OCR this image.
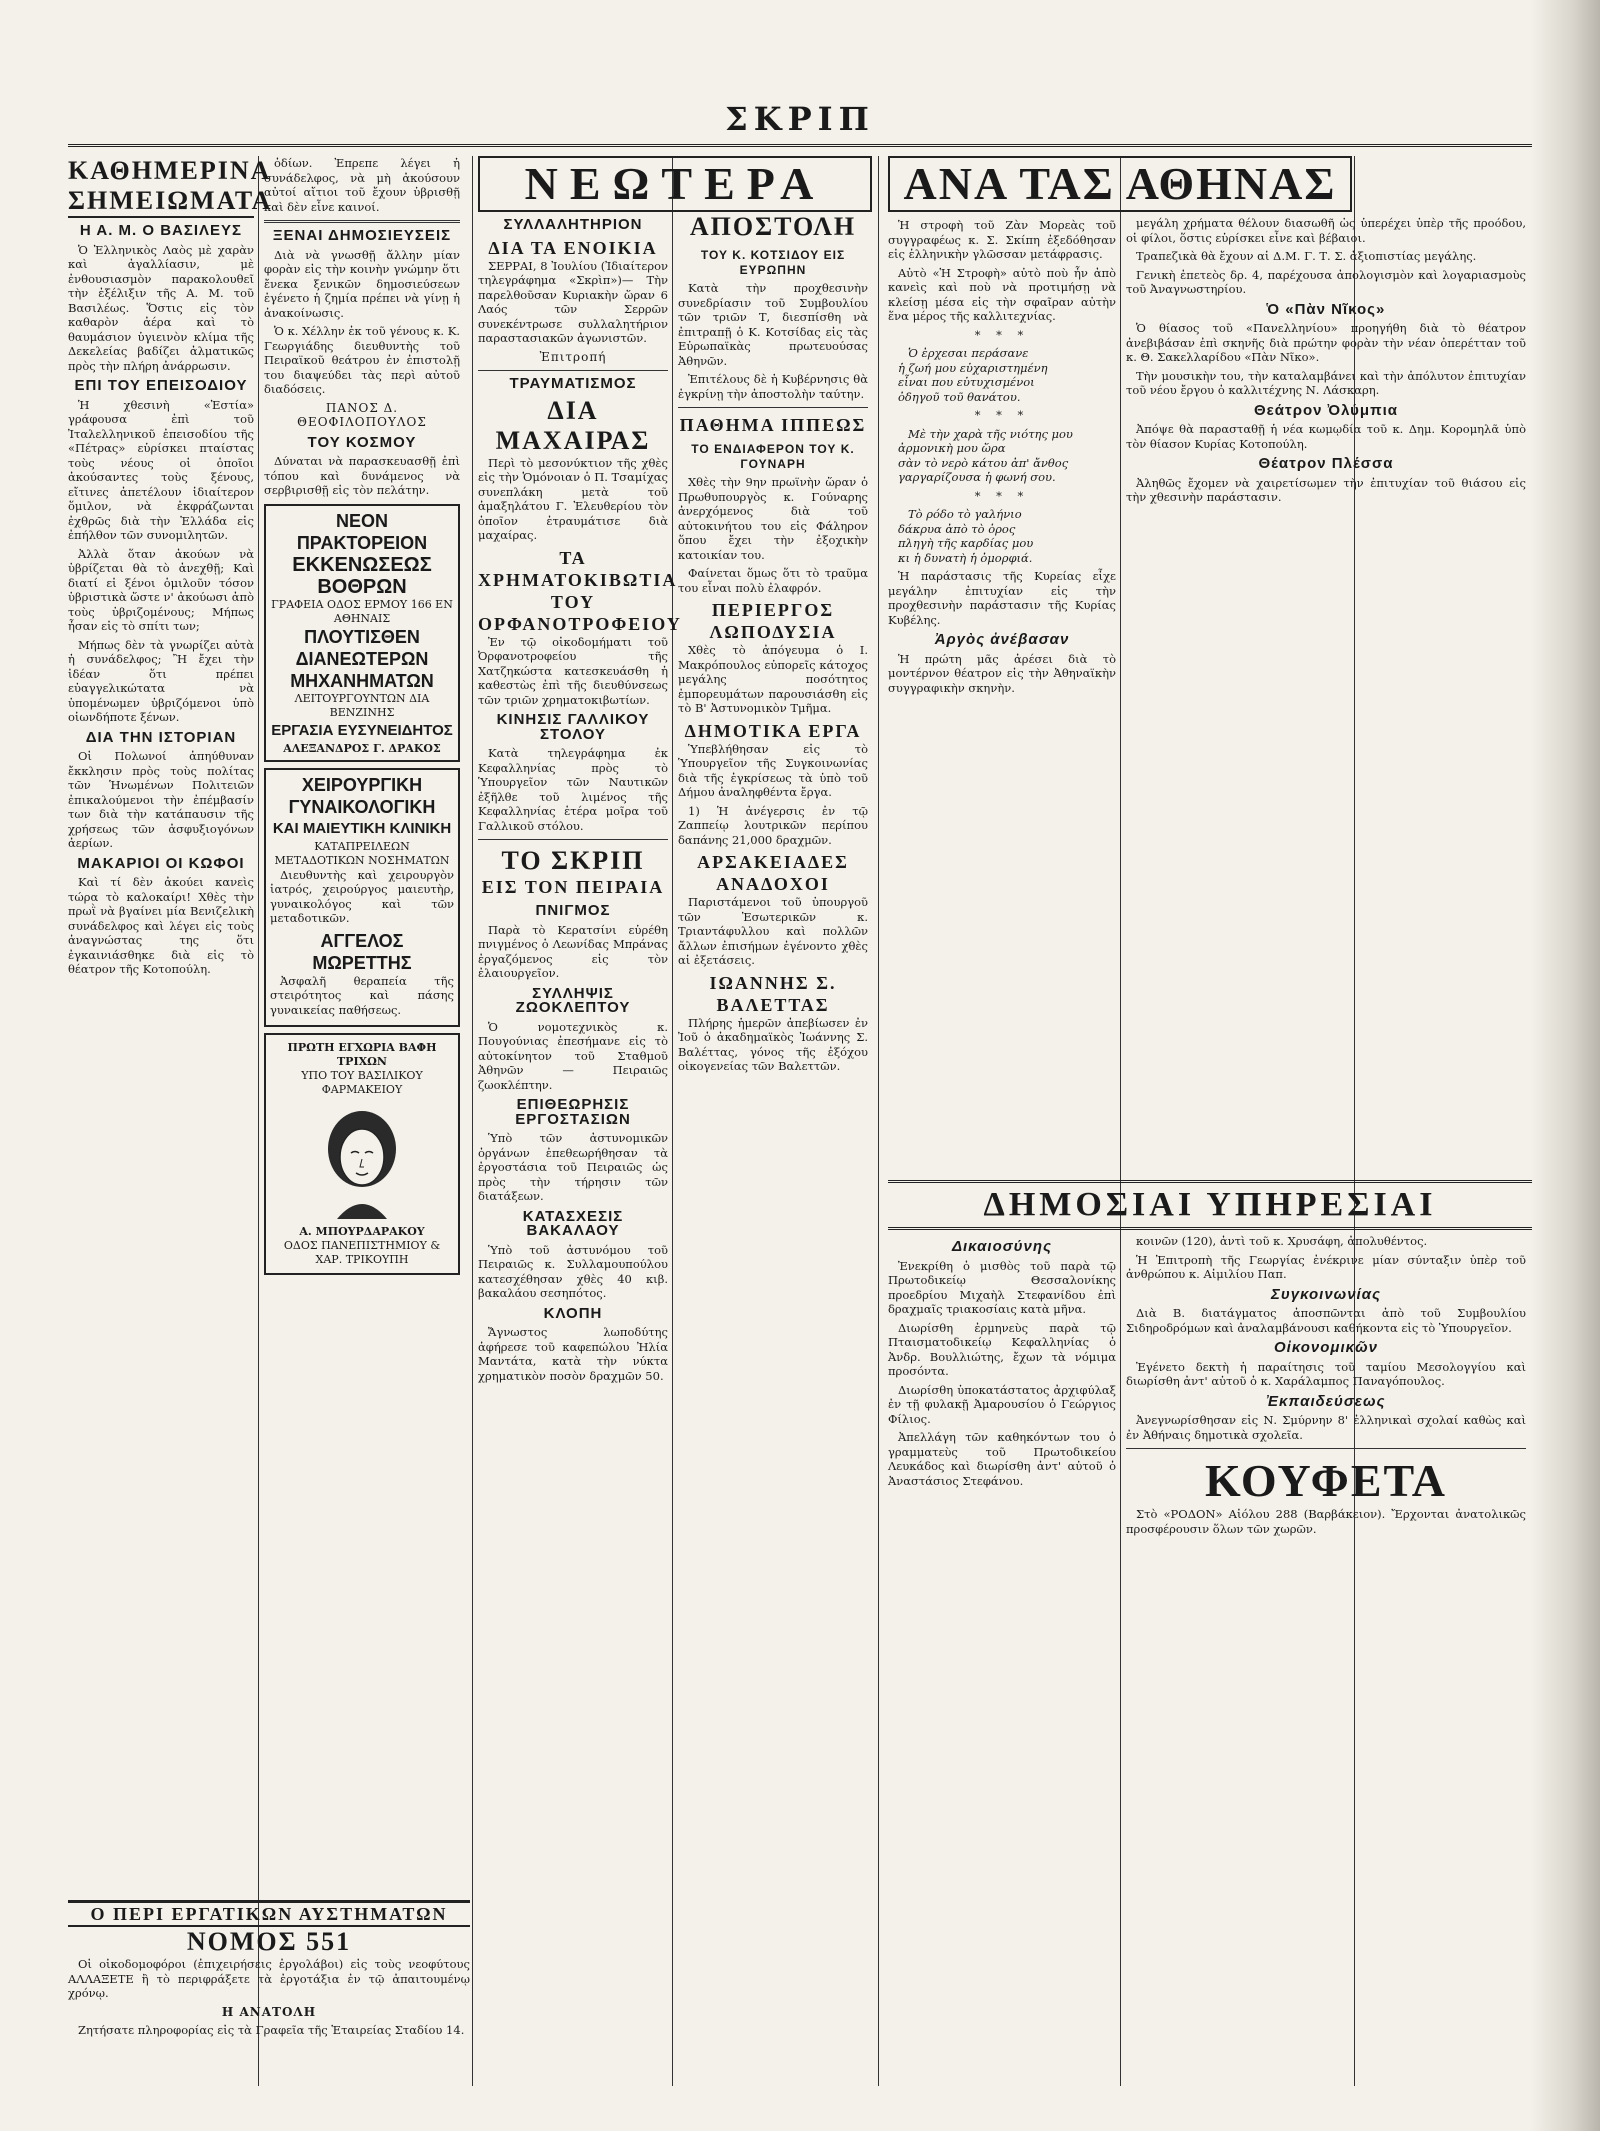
ΣΚΡΙΠ
ΚΑΘΗΜΕΡΙΝΑ
ΣΗΜΕΙΩΜΑΤΑ
Η Α. Μ. Ο ΒΑΣΙΛΕΥΣ

Ὁ Ἑλληνικὸς Λαὸς μὲ χαρὰν καὶ ἀγαλλίασιν, μὲ ἐνθουσιασμὸν παρακολουθεῖ τὴν ἐξέλιξιν τῆς Α. Μ. τοῦ Βασιλέως. Ὅστις εἰς τὸν καθαρὸν ἀέρα καὶ τὸ θαυμάσιον ὑγιεινὸν κλίμα τῆς Δεκελείας βαδίζει ἀλματικῶς πρὸς τὴν πλήρη ἀνάρρωσιν.

ΕΠΙ ΤΟΥ ΕΠΕΙΣΟΔΙΟΥ

Ἡ χθεσινὴ «Ἑστία» γράφουσα ἐπὶ τοῦ Ἰταλελληνικοῦ ἐπεισοδίου τῆς «Πέτρας» εὑρίσκει πταίστας τοὺς νέους οἱ ὁποῖοι ἀκούσαντες τοὺς ξένους, εἴτινες ἀπετέλουν ἰδιαίτερον ὅμιλον, νὰ ἐκφράζωνται ἐχθρῶς διὰ τὴν Ἑλλάδα εἰς ἐπήλθον τῶν συνομιλητῶν.

Ἀλλὰ ὅταν ἀκούων νὰ ὑβρίζεται θὰ τὸ ἀνεχθῇ; Καὶ διατί εἰ ξένοι ὁμιλοῦν τόσον ὑβριστικὰ ὥστε ν' ἀκούωσι ἀπὸ τοὺς ὑβριζομένους; Μήπως ἦσαν εἰς τὸ σπίτι των;

Μήπως δὲν τὰ γνωρίζει αὐτὰ ἡ συνάδελφος; Ἢ ἔχει τὴν ἰδέαν ὅτι πρέπει εὐαγγελικώτατα νὰ ὑπομένωμεν ὑβριζόμενοι ὑπὸ οἱωνδήποτε ξένων.

ΔΙΑ ΤΗΝ ΙΣΤΟΡΙΑΝ

Οἱ Πολωνοί ἀπηύθυναν ἔκκλησιν πρὸς τοὺς πολίτας τῶν Ἡνωμένων Πολιτειῶν ἐπικαλούμενοι τὴν ἐπέμβασίν των διὰ τὴν κατάπαυσιν τῆς χρήσεως τῶν ἀσφυξιογόνων ἀερίων.

ΜΑΚΑΡΙΟΙ ΟΙ ΚΩΦΟΙ

Καὶ τί δὲν ἀκούει κανεὶς τώρα τὸ καλοκαίρι! Χθὲς τὴν πρωῒ νὰ βγαίνει μία Βενιζελικὴ συνάδελφος καὶ λέγει εἰς τοὺς ἀναγνώστας της ὅτι ἐγκαινιάσθηκε διὰ εἰς τὸ θέατρον τῆς Κοτοπούλη.

ὁδίων. Ἐπρεπε λέγει ἡ συνάδελφος, νὰ μὴ ἀκούσουν αὐτοί αἴτιοι τοῦ ἔχουν ὑβρισθῇ καὶ δὲν εἶνε καινοί.

ΞΕΝΑΙ ΔΗΜΟΣΙΕΥΣΕΙΣ

Διὰ νὰ γνωσθῇ ἄλλην μίαν φορὰν εἰς τὴν κοινὴν γνώμην ὅτι ἔνεκα ξενικῶν δημοσιεύσεων ἐγένετο ἡ ζημία πρέπει νὰ γίνῃ ἡ ἀνακοίνωσις.

Ὁ κ. Χέλλην ἐκ τοῦ γένους κ. Κ. Γεωργιάδης διευθυντὴς τοῦ Πειραϊκοῦ θεάτρου ἐν ἐπιστολῇ του διαψεύδει τὰς περὶ αὐτοῦ διαδόσεις.

ΠΑΝΟΣ Δ. ΘΕΟΦΙΛΟΠΟΥΛΟΣ
ΤΟΥ ΚΟΣΜΟΥ

Δύναται νὰ παρασκευασθῇ ἐπὶ τόπου καὶ δυνάμενος νὰ σερβιρισθῇ εἰς τὸν πελάτην.

ΝΕΟΝ ΠΡΑΚΤΟΡΕΙΟΝ
ΕΚΚΕΝΩΣΕΩΣ ΒΟΘΡΩΝ
ΓΡΑΦΕΙΑ ΟΔΟΣ ΕΡΜΟΥ 166 ΕΝ ΑΘΗΝΑΙΣ
ΠΛΟΥΤΙΣΘΕΝ ΔΙΑΝΕΩΤΕΡΩΝ ΜΗΧΑΝΗΜΑΤΩΝ
ΛΕΙΤΟΥΡΓΟΥΝΤΩΝ ΔΙΑ ΒΕΝΖΙΝΗΣ
ΕΡΓΑΣΙΑ ΕΥΣΥΝΕΙΔΗΤΟΣ
ΑΛΕΞΑΝΔΡΟΣ Γ. ΔΡΑΚΟΣ
ΧΕΙΡΟΥΡΓΙΚΗ ΓΥΝΑΙΚΟΛΟΓΙΚΗ
ΚΑΙ ΜΑΙΕΥΤΙΚΗ ΚΛΙΝΙΚΗ
ΚΑΤΑΠΡΕΙΛΕΩΝ ΜΕΤΑΔΟΤΙΚΩΝ ΝΟΣΗΜΑΤΩΝ

Διευθυντὴς καὶ χειρουργὸν ἰατρός, χειρούργος μαιευτὴρ, γυναικολόγος καὶ τῶν μεταδοτικῶν.

ΑΓΓΕΛΟΣ ΜΩΡΕΤΤΗΣ

Ἀσφαλῆ θεραπεία τῆς στειρότητος καὶ πάσης γυναικείας παθήσεως.

ΠΡΩΤΗ ΕΓΧΩΡΙΑ ΒΑΦΗ ΤΡΙΧΩΝ
ΥΠΟ ΤΟΥ ΒΑΣΙΛΙΚΟΥ ΦΑΡΜΑΚΕΙΟΥ
Α. ΜΠΟΥΡΔΑΡΑΚΟΥ
ΟΔΟΣ ΠΑΝΕΠΙΣΤΗΜΙΟΥ & ΧΑΡ. ΤΡΙΚΟΥΠΗ
Ο ΠΕΡΙ ΕΡΓΑΤΙΚΩΝ ΑΥΣΤΗΜΑΤΩΝ
ΝΟΜΟΣ 551

Οἱ οἰκοδομοφόροι (ἐπιχειρήσεις ἐργολάβοι) εἰς τοὺς νεοφύτους ΑΛΛΑΞΕΤΕ ἢ τὸ περιφράξετε τὰ ἐργοτάξια ἐν τῷ ἀπαιτουμένῳ χρόνῳ.

Η ΑΝΑΤΟΛΗ

Ζητήσατε πληροφορίας εἰς τὰ Γραφεῖα τῆς Ἑταιρείας Σταδίου 14.

ΝΕΩΤΕΡΑ
ΣΥΛΛΑΛΗΤΗΡΙΟΝ
ΔΙΑ ΤΑ ΕΝΟΙΚΙΑ

ΣΕΡΡΑΙ, 8 Ἰουλίου (Ἰδιαίτερον τηλεγράφημα «Σκρὶπ»)— Τὴν παρελθοῦσαν Κυριακὴν ὥραν 6 Λαός τῶν Σερρῶν συνεκέντρωσε συλλαλητήριον παραστασιακῶν ἀγωνιστῶν.

Ἐπιτροπή
ΤΡΑΥΜΑΤΙΣΜΟΣ
ΔΙΑ ΜΑΧΑΙΡΑΣ

Περὶ τὸ μεσονύκτιον τῆς χθὲς εἰς τὴν Ὁμόνοιαν ὁ Π. Τσαμίχας συνεπλάκη μετὰ τοῦ ἀμαξηλάτου Γ. Ἐλευθερίου τὸν ὁποῖον ἐτραυμάτισε διὰ μαχαίρας.

ΤΑ ΧΡΗΜΑΤΟΚΙΒΩΤΙΑ
ΤΟΥ ΟΡΦΑΝΟΤΡΟΦΕΙΟΥ

Ἐν τῷ οἰκοδομήματι τοῦ Ὀρφανοτροφείου τῆς Χατζηκώστα κατεσκευάσθη ἡ καθεστὼς ἐπὶ τῆς διευθύνσεως τῶν τριῶν χρηματοκιβωτίων.

ΚΙΝΗΣΙΣ ΓΑΛΛΙΚΟΥ ΣΤΟΛΟΥ

Κατὰ τηλεγράφημα ἐκ Κεφαλληνίας πρὸς τὸ Ὑπουργεῖον τῶν Ναυτικῶν ἐξῆλθε τοῦ λιμένος τῆς Κεφαλληνίας ἑτέρα μοῖρα τοῦ Γαλλικοῦ στόλου.

ΤΟ ΣΚΡΙΠ
ΕΙΣ ΤΟΝ ΠΕΙΡΑΙΑ
ΠΝΙΓΜΟΣ

Παρὰ τὸ Κερατσίνι εὑρέθη πνιγμένος ὁ Λεωνίδας Μπράνας ἐργαζόμενος εἰς τὸν ἐλαιουργεῖον.

ΣΥΛΛΗΨΙΣ ΖΩΟΚΛΕΠΤΟΥ

Ὁ νομοτεχνικὸς κ. Πουγούνιας ἐπεσήμανε εἰς τὸ αὐτοκίνητον τοῦ Σταθμοῦ Ἀθηνῶν — Πειραιῶς ζωοκλέπτην.

ΕΠΙΘΕΩΡΗΣΙΣ ΕΡΓΟΣΤΑΣΙΩΝ

Ὑπὸ τῶν ἀστυνομικῶν ὀργάνων ἐπεθεωρήθησαν τὰ ἐργοστάσια τοῦ Πειραιῶς ὡς πρὸς τὴν τήρησιν τῶν διατάξεων.

ΚΑΤΑΣΧΕΣΙΣ ΒΑΚΑΛΑΟΥ

Ὑπὸ τοῦ ἀστυνόμου τοῦ Πειραιῶς κ. Συλλαμουπούλου κατεσχέθησαν χθὲς 40 κιβ. βακαλάου σεσηπότος.

ΚΛΟΠΗ

Ἄγνωστος λωποδύτης ἀφήρεσε τοῦ καφεπώλου Ἠλία Μαντάτα, κατὰ τὴν νύκτα χρηματικὸν ποσὸν δραχμῶν 50.

ΑΠΟΣΤΟΛΗ
ΤΟΥ Κ. ΚΟΤΣΙΔΟΥ ΕΙΣ ΕΥΡΩΠΗΝ

Κατὰ τὴν προχθεσινὴν συνεδρίασιν τοῦ Συμβουλίου τῶν τριῶν Τ, διεσπίσθη νὰ ἐπιτραπῇ ὁ Κ. Κοτσίδας εἰς τὰς Εὐρωπαϊκὰς πρωτευούσας Ἀθηνῶν.

Ἐπιτέλους δὲ ἡ Κυβέρνησις θὰ ἐγκρίνῃ τὴν ἀποστολὴν ταύτην.

ΠΑΘΗΜΑ ΙΠΠΕΩΣ
ΤΟ ΕΝΔΙΑΦΕΡΟΝ ΤΟΥ Κ. ΓΟΥΝΑΡΗ

Χθὲς τὴν 9ην πρωϊνὴν ὥραν ὁ Πρωθυπουργὸς κ. Γούναρης ἀνερχόμενος διὰ τοῦ αὐτοκινήτου του εἰς Φάληρον ὅπου ἔχει τὴν ἐξοχικὴν κατοικίαν του.

Φαίνεται ὅμως ὅτι τὸ τραῦμα του εἶναι πολὺ ἐλαφρόν.

ΠΕΡΙΕΡΓΟΣ ΛΩΠΟΔΥΣΙΑ

Χθὲς τὸ ἀπόγευμα ὁ Ι. Μακρόπουλος εὐπορεῖς κάτοχος μεγάλης ποσότητος ἐμπορευμάτων παρουσιάσθη εἰς τὸ Β' Ἀστυνομικὸν Τμῆμα.

ΔΗΜΟΤΙΚΑ ΕΡΓΑ

Ὑπεβλήθησαν εἰς τὸ Ὑπουργεῖον τῆς Συγκοινωνίας διὰ τῆς ἐγκρίσεως τὰ ὑπὸ τοῦ Δήμου ἀναληφθέντα ἔργα.

1) Ἡ ἀνέγερσις ἐν τῷ Ζαππείῳ λουτρικῶν περίπου δαπάνης 21,000 δραχμῶν.

ΑΡΣΑΚΕΙΑΔΕΣ ΑΝΑΔΟΧΟΙ

Παριστάμενοι τοῦ ὑπουργοῦ τῶν Ἐσωτερικῶν κ. Τριαντάφυλλου καὶ πολλῶν ἄλλων ἐπισήμων ἐγένοντο χθὲς αἱ ἐξετάσεις.

ΙΩΑΝΝΗΣ Σ. ΒΑΛΕΤΤΑΣ

Πλήρης ἡμερῶν ἀπεβίωσεν ἐν Ἰοῦ ὁ ἀκαδημαϊκὸς Ἰωάννης Σ. Βαλέττας, γόνος τῆς ἐξόχου οἰκογενείας τῶν Βαλεττῶν.

ΑΝΑ ΤΑΣ ΑΘΗΝΑΣ

Ἡ στροφὴ τοῦ Ζὰν Μορεὰς τοῦ συγγραφέως κ. Σ. Σκίπη ἐξεδόθησαν εἰς ἑλληνικὴν γλῶσσαν μετάφρασις.

Αὐτὸ «Ἡ Στροφὴ» αὐτὸ ποὺ ἦν ἀπὸ κανεὶς καὶ ποὺ νὰ προτιμήσῃ νὰ κλείσῃ μέσα εἰς τὴν σφαῖραν αὐτὴν ἕνα μέρος τῆς καλλιτεχνίας.

* * *

Ὁ ἐρχεσαι περάσανε
ἡ ζωή μου εὐχαριστημένη
εἶναι που εὐτυχισμένοι
ὀδηγοῦ τοῦ θανάτου.

* * *

Μὲ τὴν χαρὰ τῆς νιότης μου
ἀρμονικὴ μου ὥρα
σὰν τὸ νερὸ κάτου ἀπ' ἄνθος
γαργαρίζουσα ἡ φωνή σου.

* * *

Τὸ ρόδο τὸ γαλήνιο
δάκρυα ἀπὸ τὸ ὁρος
πληγὴ τῆς καρδίας μου
κι ἡ δυνατὴ ἡ ὀμορφιά.

Ἡ παράστασις τῆς Κυρείας εἶχε μεγάλην ἐπιτυχίαν εἰς τὴν προχθεσινὴν παράστασιν τῆς Κυρίας Κυβέλης.

Ἀργὸς ἀνέβασαν

Ἡ πρώτη μᾶς ἀρέσει διὰ τὸ μοντέρνον θέατρον εἰς τὴν Ἀθηναϊκὴν συγγραφικὴν σκηνὴν.

μεγάλη χρήματα θέλουν διασωθῆ ὡς ὑπερέχει ὑπὲρ τῆς προόδου, οἱ φίλοι, ὅστις εὑρίσκει εἶνε καὶ βέβαιοι.

Τραπεζικὰ θὰ ἔχουν αἱ Δ.Μ. Γ. Τ. Σ. ἀξιοπιστίας μεγάλης.

Γενικὴ ἐπετεὸς δρ. 4, παρέχουσα ἀπολογισμὸν καὶ λογαριασμοὺς τοῦ Ἀναγνωστηρίου.

Ὁ «Πὰν Νῖκος»

Ὁ θίασος τοῦ «Πανελληνίου» προηγήθη διὰ τὸ θέατρον ἀνεβιβάσαν ἐπὶ σκηνῆς διὰ πρώτην φορὰν τὴν νέαν ὀπερέτταν τοῦ κ. Θ. Σακελλαρίδου «Πὰν Νῖκο».

Τὴν μουσικὴν του, τὴν καταλαμβάνει καὶ τὴν ἀπόλυτον ἐπιτυχίαν τοῦ νέου ἔργου ὁ καλλιτέχνης Ν. Λάσκαρη.

Θεάτρον Ὀλύμπια

Ἀπόψε θὰ παρασταθῇ ἡ νέα κωμῳδία τοῦ κ. Δημ. Κορομηλᾶ ὑπὸ τὸν θίασον Κυρίας Κοτοπούλη.

Θέατρον Πλέσσα

Ἀληθῶς ἔχομεν νὰ χαιρετίσωμεν τὴν ἐπιτυχίαν τοῦ θιάσου εἰς τὴν χθεσινὴν παράστασιν.

ΔΗΜΟΣΙΑΙ ΥΠΗΡΕΣΙΑΙ
Δικαιοσύνης

Ἐνεκρίθη ὁ μισθὸς τοῦ παρὰ τῷ Πρωτοδικείῳ Θεσσαλονίκης προεδρίου Μιχαὴλ Στεφανίδου ἐπὶ δραχμαῖς τριακοσίαις κατὰ μῆνα.

Διωρίσθη ἐρμηνεὺς παρὰ τῷ Πταισματοδικείῳ Κεφαλληνίας ὁ Ἀνδρ. Βουλλιώτης, ἔχων τὰ νόμιμα προσόντα.

Διωρίσθη ὑποκατάστατος ἀρχιφύλαξ ἐν τῇ φυλακῇ Ἀμαρουσίου ὁ Γεώργιος Φίλιος.

Ἀπελλάγη τῶν καθηκόντων του ὁ γραμματεὺς τοῦ Πρωτοδικείου Λευκάδος καὶ διωρίσθη ἀντ' αὐτοῦ ὁ Ἀναστάσιος Στεφάνου.

κοινῶν (120), ἀντὶ τοῦ κ. Χρυσάφη, ἀπολυθέντος.

Ἡ Ἐπιτροπὴ τῆς Γεωργίας ἐνέκρινε μίαν σύνταξιν ὑπὲρ τοῦ ἀνθρώπου κ. Αἰμιλίου Παπ.

Συγκοινωνίας

Διὰ Β. διατάγματος ἀποσπῶνται ἀπὸ τοῦ Συμβουλίου Σιδηροδρόμων καὶ ἀναλαμβάνουσι καθήκοντα εἰς τὸ Ὑπουργεῖον.

Οἰκονομικῶν

Ἐγένετο δεκτὴ ἡ παραίτησις τοῦ ταμίου Μεσολογγίου καὶ διωρίσθη ἀντ' αὐτοῦ ὁ κ. Χαράλαμπος Παναγόπουλος.

Ἐκπαιδεύσεως

Ἀνεγνωρίσθησαν εἰς Ν. Σμύρνην 8' ἐλληνικαὶ σχολαί καθὼς καὶ ἐν Ἀθήναις δημοτικὰ σχολεῖα.

ΚΟΥΦΕΤΑ

Στὸ «ΡΟΔΟΝ» Αἰόλου 288 (Βαρβάκειον). Ἔρχονται ἀνατολικῶς προσφέρουσιν ὅλων τῶν χωρῶν.
